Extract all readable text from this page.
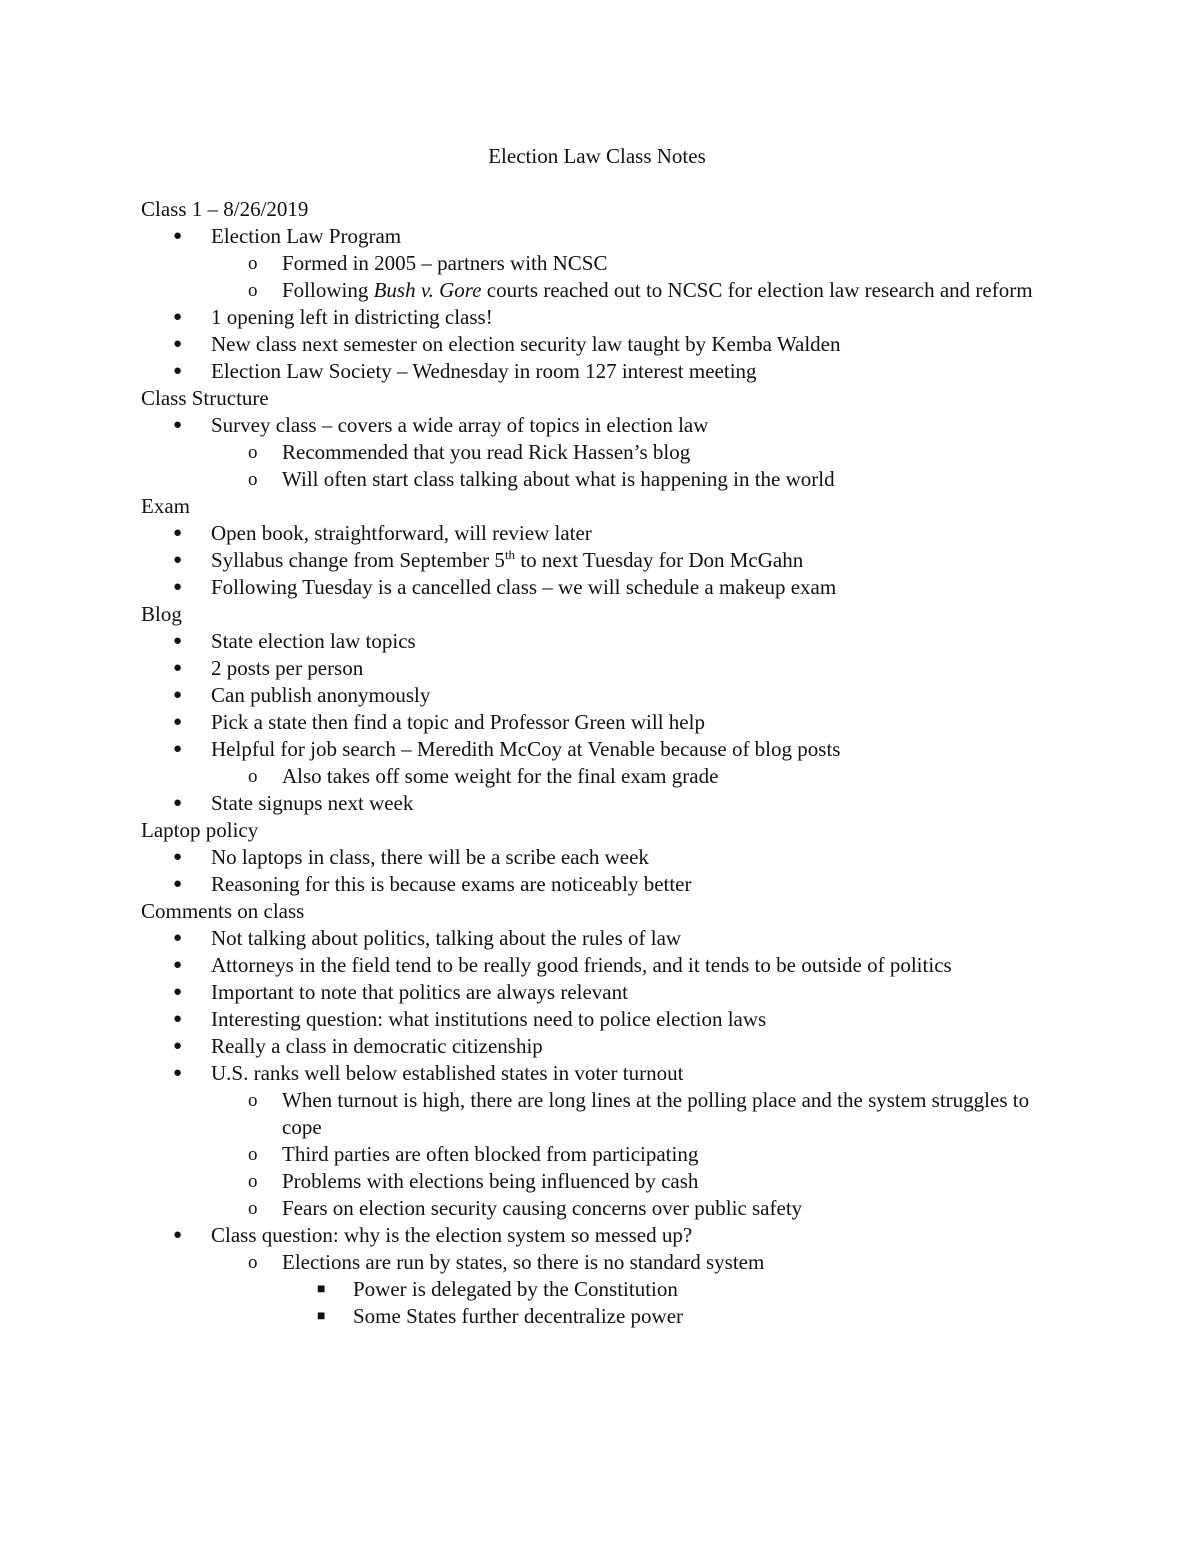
Election Law Class Notes
Class 1 – 8/26/2019
● Election Law Program
o Formed in 2005 – partners with NCSC
o Following Bush v. Gore courts reached out to NCSC for election law research and reform
● 1 opening left in districting class!
● New class next semester on election security law taught by Kemba Walden
● Election Law Society – Wednesday in room 127 interest meeting
Class Structure
● Survey class – covers a wide array of topics in election law
o Recommended that you read Rick Hassen’s blog
o Will often start class talking about what is happening in the world
Exam
● Open book, straightforward, will review later
● Syllabus change from September 5th to next Tuesday for Don McGahn
● Following Tuesday is a cancelled class – we will schedule a makeup exam
Blog
● State election law topics
● 2 posts per person
● Can publish anonymously
● Pick a state then find a topic and Professor Green will help
● Helpful for job search – Meredith McCoy at Venable because of blog posts
o Also takes off some weight for the final exam grade
● State signups next week
Laptop policy
● No laptops in class, there will be a scribe each week
● Reasoning for this is because exams are noticeably better
Comments on class
● Not talking about politics, talking about the rules of law
● Attorneys in the field tend to be really good friends, and it tends to be outside of politics
● Important to note that politics are always relevant
● Interesting question: what institutions need to police election laws
● Really a class in democratic citizenship
● U.S. ranks well below established states in voter turnout
o When turnout is high, there are long lines at the polling place and the system struggles to cope
o Third parties are often blocked from participating
o Problems with elections being influenced by cash
o Fears on election security causing concerns over public safety
● Class question: why is the election system so messed up?
o Elections are run by states, so there is no standard system
■ Power is delegated by the Constitution
■ Some States further decentralize power
